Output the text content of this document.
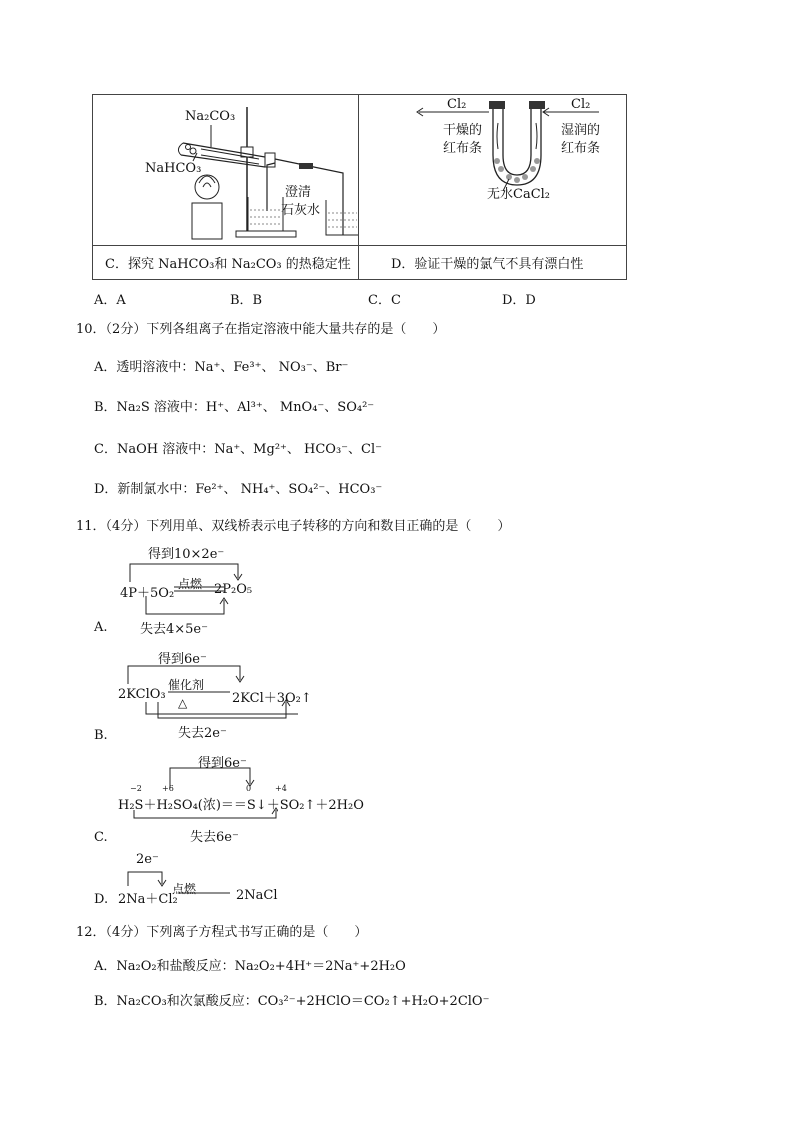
Na₂CO₃
NaHCO₃
澄清
石灰水
Cl₂	Cl₂
干燥的
红布条
湿润的
红布条
无水CaCl₂
C．探究 NaHCO₃和 Na₂CO₃ 的热稳定性	D．验证干燥的氯气不具有漂白性
A．A	B．B	C．C	D．D
10．（2分）下列各组离子在指定溶液中能大量共存的是（　　）
A．透明溶液中：Na⁺、Fe³⁺、 NO₃⁻、Br⁻
B．Na₂S 溶液中：H⁺、Al³⁺、 MnO₄⁻、SO₄²⁻
C．NaOH 溶液中：Na⁺、Mg²⁺、 HCO₃⁻、Cl⁻
D．新制氯水中：Fe²⁺、 NH₄⁺、SO₄²⁻、HCO₃⁻
11．（4分）下列用单、双线桥表示电子转移的方向和数目正确的是（　　）
得到10×2e⁻
点燃
4P＋5O₂	2P₂O₅
失去4×5e⁻
A.
得到6e⁻
催化剂
△
2KClO₃	2KCl＋3O₂↑
失去2e⁻
B.
得到6e⁻
−2	+6	0	+4
H₂S＋H₂SO₄(浓)＝＝S↓＋SO₂↑＋2H₂O
失去6e⁻
C.
2e⁻
点燃
2Na＋Cl₂	2NaCl
D.
12．（4分）下列离子方程式书写正确的是（　　）
A．Na₂O₂和盐酸反应：Na₂O₂+4H⁺＝2Na⁺+2H₂O
B．Na₂CO₃和次氯酸反应：CO₃²⁻+2HClO＝CO₂↑+H₂O+2ClO⁻
